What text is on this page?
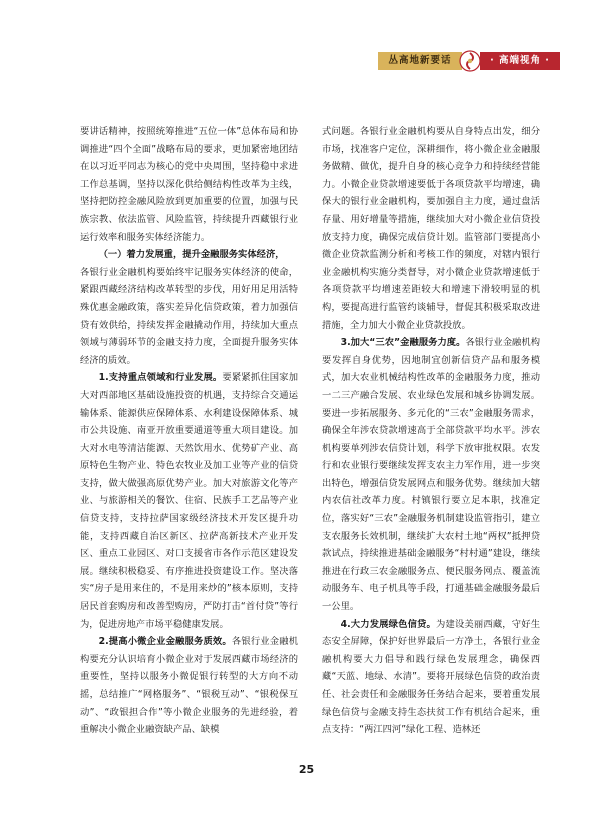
丛高地新要话	· 高端视角 ·

要讲话精神，按照统筹推进“五位一体”总体布局和协调推进“四个全面”战略布局的要求，更加紧密地团结在以习近平同志为核心的党中央周围，坚持稳中求进工作总基调，坚持以深化供给侧结构性改革为主线，坚持把防控金融风险放到更加重要的位置，加强与民族宗教、依法监管、风险监管，持续提升西藏银行业运行效率和服务实体经济能力。

（一）着力发展重，提升金融服务实体经济，

各银行业金融机构要始终牢记服务实体经济的使命，紧跟西藏经济结构改革转型的步伐，用好用足用活特殊优惠金融政策，落实差异化信贷政策，着力加强信贷有效供给，持续发挥金融撬动作用，持续加大重点领域与薄弱环节的金融支持力度，全面提升服务实体经济的质效。

1.支持重点领域和行业发展。要紧紧抓住国家加大对西部地区基础设施投资的机遇，支持综合交通运输体系、能源供应保障体系、水利建设保障体系、城市公共设施、南亚开放重要通道等重大项目建设。加大对水电等清洁能源、天然饮用水、优势矿产业、高原特色生物产业、特色农牧业及加工业等产业的信贷支持，做大做强高原优势产业。加大对旅游文化等产业、与旅游相关的餐饮、住宿、民族手工艺品等产业信贷支持，支持拉萨国家级经济技术开发区提升功能，支持西藏自治区新区、拉萨高新技术产业开发区、重点工业园区、对口支援省市各作示范区建设发展。继续积极稳妥、有序推进投资建设工作。坚决落实“房子是用来住的，不是用来炒的”核本原则，支持居民首套购房和改善型购房，严防打击“首付贷”等行为，促进房地产市场平稳健康发展。

2.提高小微企业金融服务质效。各银行业金融机构要充分认识培育小微企业对于发展西藏市场经济的重要性，坚持以服务小微促银行转型的大方向不动摇，总结推广“网格服务”、“银税互动”、“银税保互动”、“政银担合作”等小微企业服务的先进经验，着重解决小微企业融资缺产品、缺模

式问题。各银行业金融机构要从自身特点出发，细分市场，找准客户定位，深耕细作，将小微企业金融服务做精、做优，提升自身的核心竞争力和持续经营能力。小微企业贷款增速要低于各项贷款平均增速，确保大的银行业金融机构，要加强自主力度，通过盘活存量、用好增量等措施，继续加大对小微企业信贷投放支持力度，确保完成信贷计划。监管部门要提高小微企业贷款监测分析和考核工作的频度，对辖内银行业金融机构实施分类督导，对小微企业贷款增速低于各项贷款平均增速差距较大和增速下滑较明显的机构，要提高进行监管约谈辅导，督促其积极采取改进措施，全力加大小微企业贷款投放。

3.加大“三农”金融服务力度。各银行业金融机构要发挥自身优势，因地制宜创新信贷产品和服务模式，加大农业机械结构性改革的金融服务力度，推动一二三产融合发展、农业绿色发展和城乡协调发展。要进一步拓展服务、多元化的“三农”金融服务需求，确保全年涉农贷款增速高于全部贷款平均水平。涉农机构要单列涉农信贷计划，科学下放审批权限。农发行和农业银行要继续发挥支农主力军作用，进一步突出特色，增强信贷发展网点和服务优势。继续加大辖内农信社改革力度。村镇银行要立足本职，找准定位，落实好“三农”金融服务机制建设监管指引，建立支农服务长效机制，继续扩大农村土地“两权”抵押贷款试点，持续推进基础金融服务“村村通”建设，继续推进在行政三农金融服务点、便民服务网点、覆盖流动服务车、电子机具等手段，打通基础金融服务最后一公里。

4.大力发展绿色信贷。为建设美丽西藏，守好生态安全屏障，保护好世界最后一方净土，各银行业金融机构要大力倡导和践行绿色发展理念，确保西藏“天蓝、地绿、水清”。要将开展绿色信贷的政治责任、社会责任和金融服务任务结合起来，要着重发展绿色信贷与金融支持生态扶贫工作有机结合起来，重点支持：“两江四河”绿化工程、造林还

25
